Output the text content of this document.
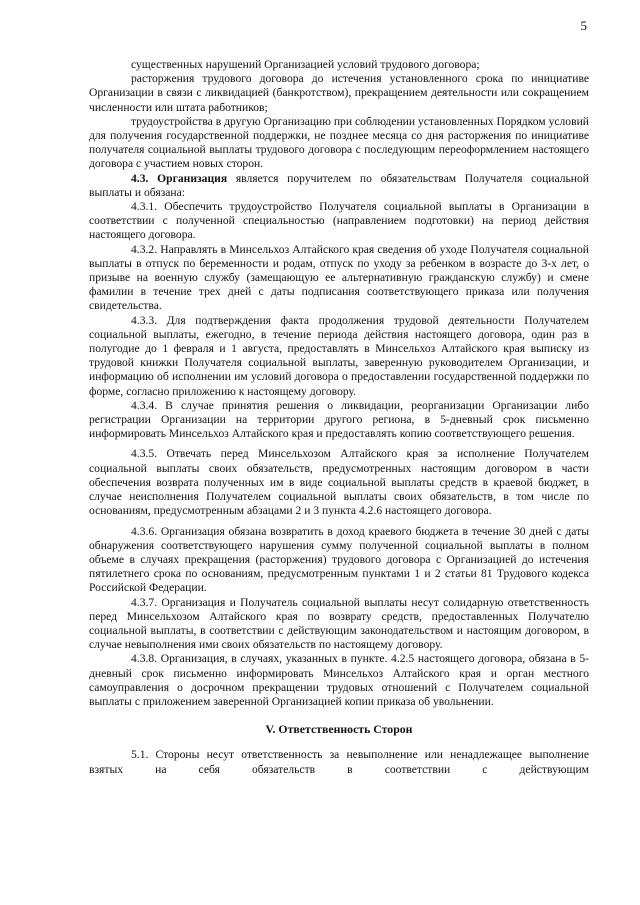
5

существенных нарушений Организацией условий трудового договора;

расторжения трудового договора до истечения установленного срока по инициативе Организации в связи с ликвидацией (банкротством), прекращением деятельности или сокращением численности или штата работников;

трудоустройства в другую Организацию при соблюдении установленных Порядком условий для получения государственной поддержки, не позднее месяца со дня расторжения по инициативе получателя социальной выплаты трудового договора с последующим переоформлением настоящего договора с участием новых сторон.

4.3. Организация является поручителем по обязательствам Получателя социальной выплаты и обязана:

4.3.1. Обеспечить трудоустройство Получателя социальной выплаты в Организации в соответствии с полученной специальностью (направлением подготовки) на период действия настоящего договора.

4.3.2. Направлять в Минсельхоз Алтайского края сведения об уходе Получателя социальной выплаты в отпуск по беременности и родам, отпуск по уходу за ребенком в возрасте до 3-х лет, о призыве на военную службу (замещающую ее альтернативную гражданскую службу) и смене фамилии в течение трех дней с даты подписания соответствующего приказа или получения свидетельства.

4.3.3. Для подтверждения факта продолжения трудовой деятельности Получателем социальной выплаты, ежегодно, в течение периода действия настоящего договора, один раз в полугодие до 1 февраля и 1 августа, предоставлять в Минсельхоз Алтайского края выписку из трудовой книжки Получателя социальной выплаты, заверенную руководителем Организации, и информацию об исполнении им условий договора о предоставлении государственной поддержки по форме, согласно приложению к настоящему договору.

4.3.4. В случае принятия решения о ликвидации, реорганизации Организации либо регистрации Организации на территории другого региона, в 5-дневный срок письменно информировать Минсельхоз Алтайского края и предоставлять копию соответствующего решения.

4.3.5. Отвечать перед Минсельхозом Алтайского края за исполнение Получателем социальной выплаты своих обязательств, предусмотренных настоящим договором в части обеспечения возврата полученных им в виде социальной выплаты средств в краевой бюджет, в случае неисполнения Получателем социальной выплаты своих обязательств, в том числе по основаниям, предусмотренным абзацами 2 и 3 пункта 4.2.6 настоящего договора.

4.3.6. Организация обязана возвратить в доход краевого бюджета в течение 30 дней с даты обнаружения соответствующего нарушения сумму полученной социальной выплаты в полном объеме в случаях прекращения (расторжения) трудового договора с Организацией до истечения пятилетнего срока по основаниям, предусмотренным пунктами 1 и 2 статьи 81 Трудового кодекса Российской Федерации.

4.3.7. Организация и Получатель социальной выплаты несут солидарную ответственность перед Минсельхозом Алтайского края по возврату средств, предоставленных Получателю социальной выплаты, в соответствии с действующим законодательством и настоящим договором, в случае невыполнения ими своих обязательств по настоящему договору.

4.3.8. Организация, в случаях, указанных в пункте. 4.2.5 настоящего договора, обязана в 5-дневный срок письменно информировать Минсельхоз Алтайского края и орган местного самоуправления о досрочном прекращении трудовых отношений с Получателем социальной выплаты с приложением заверенной Организацией копии приказа об увольнении.

V. Ответственность Сторон

5.1. Стороны несут ответственность за невыполнение или ненадлежащее выполнение взятых на себя обязательств в соответствии с действующим
